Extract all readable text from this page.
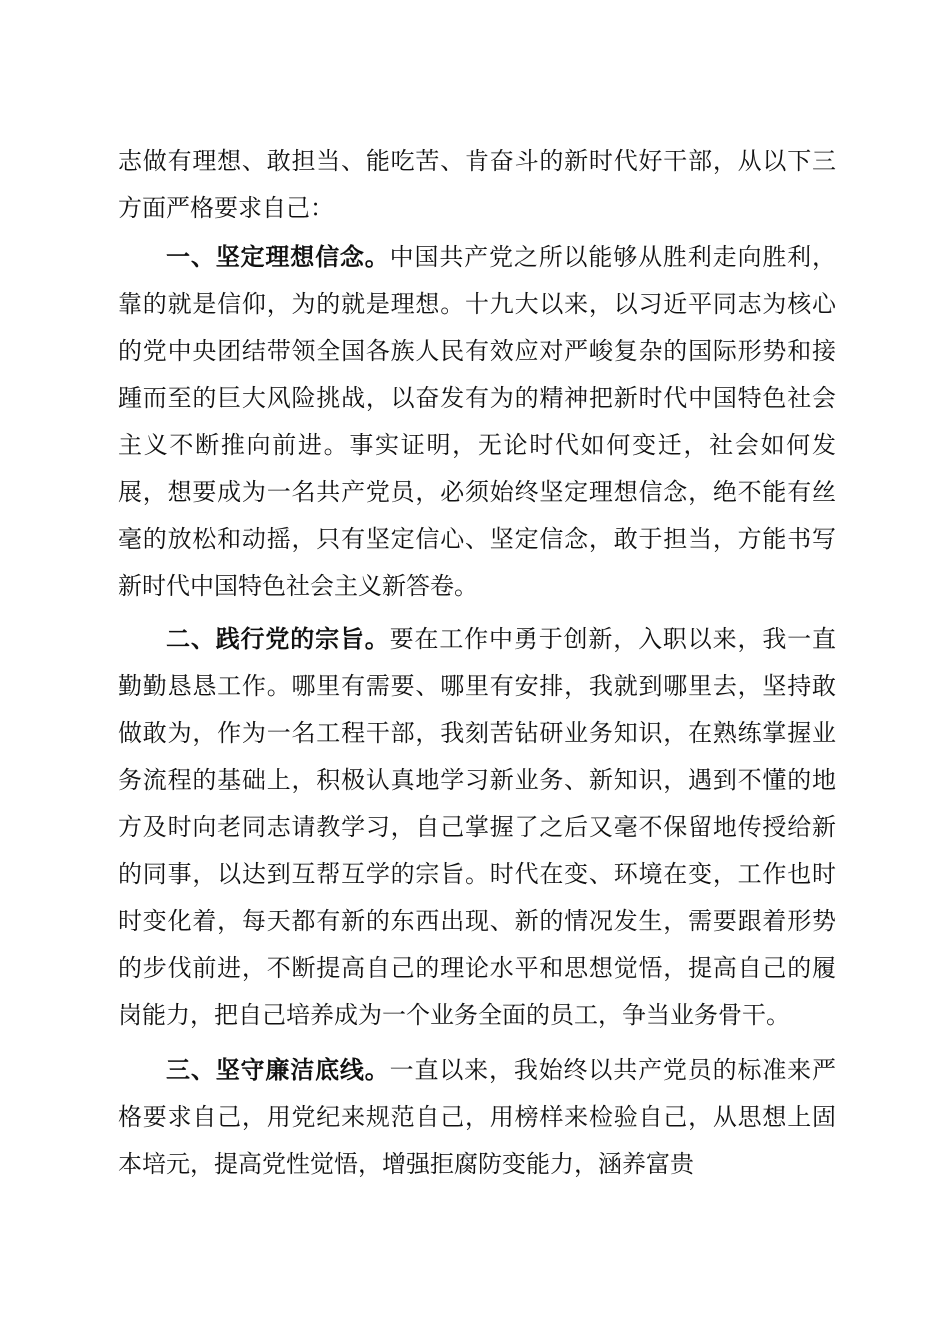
志做有理想、敢担当、能吃苦、肯奋斗的新时代好干部，从以下三方面严格要求自己：

一、坚定理想信念。中国共产党之所以能够从胜利走向胜利，靠的就是信仰，为的就是理想。十九大以来，以习近平同志为核心的党中央团结带领全国各族人民有效应对严峻复杂的国际形势和接踵而至的巨大风险挑战，以奋发有为的精神把新时代中国特色社会主义不断推向前进。事实证明，无论时代如何变迁，社会如何发展，想要成为一名共产党员，必须始终坚定理想信念，绝不能有丝毫的放松和动摇，只有坚定信心、坚定信念，敢于担当，方能书写新时代中国特色社会主义新答卷。

二、践行党的宗旨。要在工作中勇于创新，入职以来，我一直勤勤恳恳工作。哪里有需要、哪里有安排，我就到哪里去，坚持敢做敢为，作为一名工程干部，我刻苦钻研业务知识，在熟练掌握业务流程的基础上，积极认真地学习新业务、新知识，遇到不懂的地方及时向老同志请教学习，自己掌握了之后又毫不保留地传授给新的同事，以达到互帮互学的宗旨。时代在变、环境在变，工作也时时变化着，每天都有新的东西出现、新的情况发生，需要跟着形势的步伐前进，不断提高自己的理论水平和思想觉悟，提高自己的履岗能力，把自己培养成为一个业务全面的员工，争当业务骨干。

三、坚守廉洁底线。一直以来，我始终以共产党员的标准来严格要求自己，用党纪来规范自己，用榜样来检验自己，从思想上固本培元，提高党性觉悟，增强拒腐防变能力，涵养富贵
